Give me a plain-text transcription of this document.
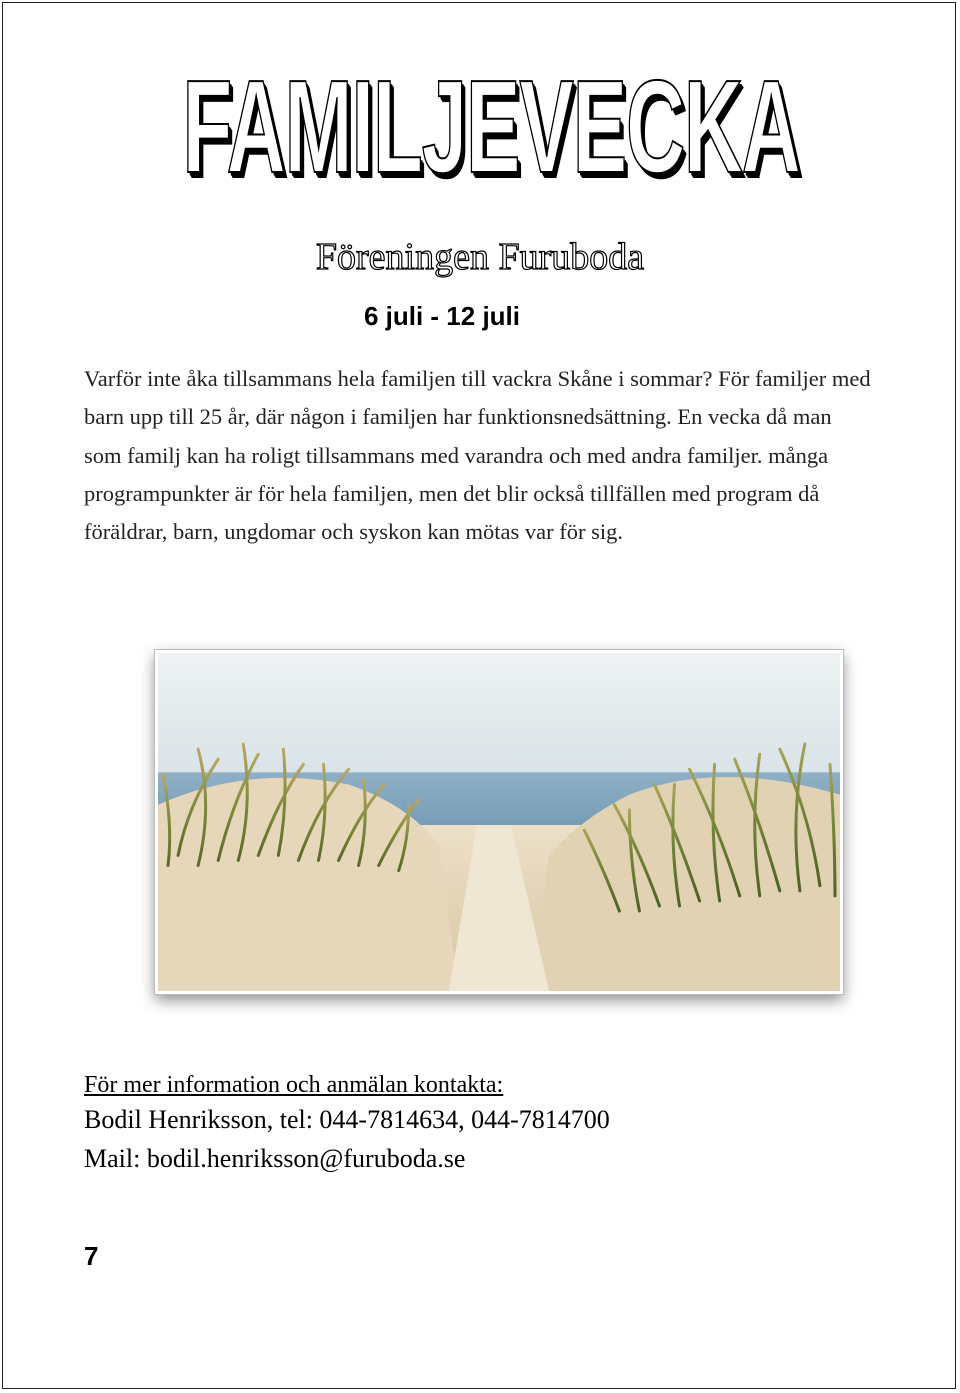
FAMILJEVECKA
Föreningen Furuboda
6 juli - 12 juli
Varför inte åka tillsammans hela familjen till vackra Skåne i sommar? För familjer med barn upp till 25 år, där någon i familjen har funktionsnedsättning. En vecka då man som familj kan ha roligt tillsammans med varandra och med andra familjer. många programpunkter är för hela familjen, men det blir också tillfällen med program då föräldrar, barn, ungdomar och syskon kan mötas var för sig.
För mer information och anmälan kontakta:
Bodil Henriksson, tel: 044-7814634, 044-7814700
Mail: bodil.henriksson@furuboda.se
7
